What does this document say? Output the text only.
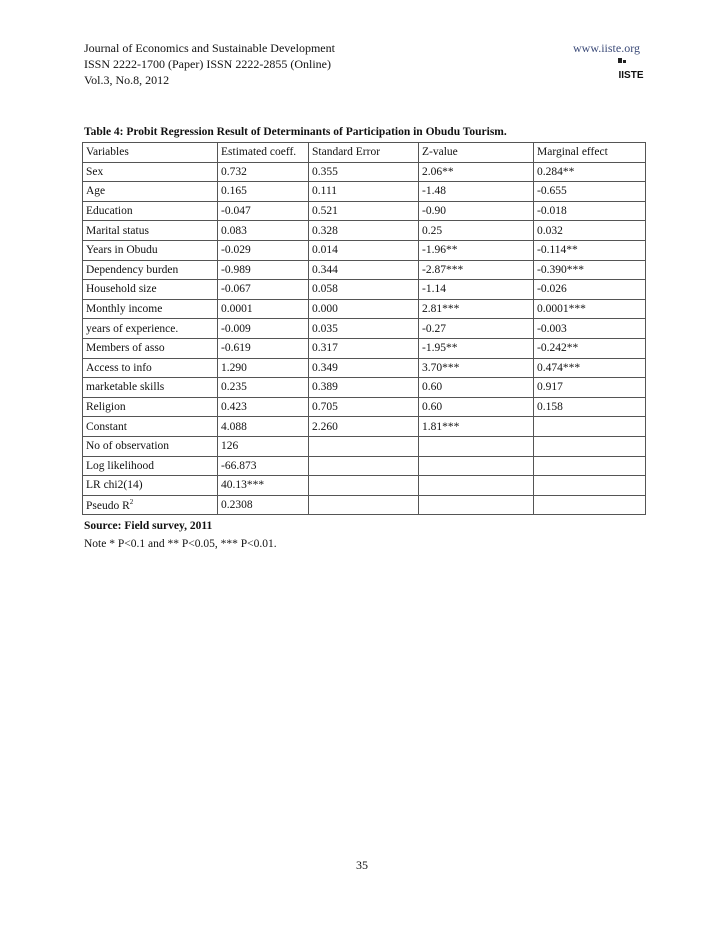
Journal of Economics and Sustainable Development
ISSN 2222-1700 (Paper) ISSN 2222-2855 (Online)
Vol.3, No.8, 2012
www.iiste.org
IISTE
Table 4: Probit Regression Result of Determinants of Participation in Obudu Tourism.
Variables	Estimated coeff.	Standard Error	Z-value	Marginal effect
Sex	0.732	0.355	2.06**	0.284**
Age	0.165	0.111	-1.48	-0.655
Education	-0.047	0.521	-0.90	-0.018
Marital status	0.083	0.328	0.25	0.032
Years in Obudu	-0.029	0.014	-1.96**	-0.114**
Dependency burden	-0.989	0.344	-2.87***	-0.390***
Household size	-0.067	0.058	-1.14	-0.026
Monthly income	0.0001	0.000	2.81***	0.0001***
years of experience.	-0.009	0.035	-0.27	-0.003
Members of asso	-0.619	0.317	-1.95**	-0.242**
Access to info	1.290	0.349	3.70***	0.474***
marketable skills	0.235	0.389	0.60	0.917
Religion	0.423	0.705	0.60	0.158
Constant	4.088	2.260	1.81***	
No of observation	126			
Log likelihood	-66.873			
LR chi2(14)	40.13***			
Pseudo $R^2$	0.2308			
Source: Field survey, 2011
Note * P<0.1 and ** P<0.05, *** P<0.01.
35
